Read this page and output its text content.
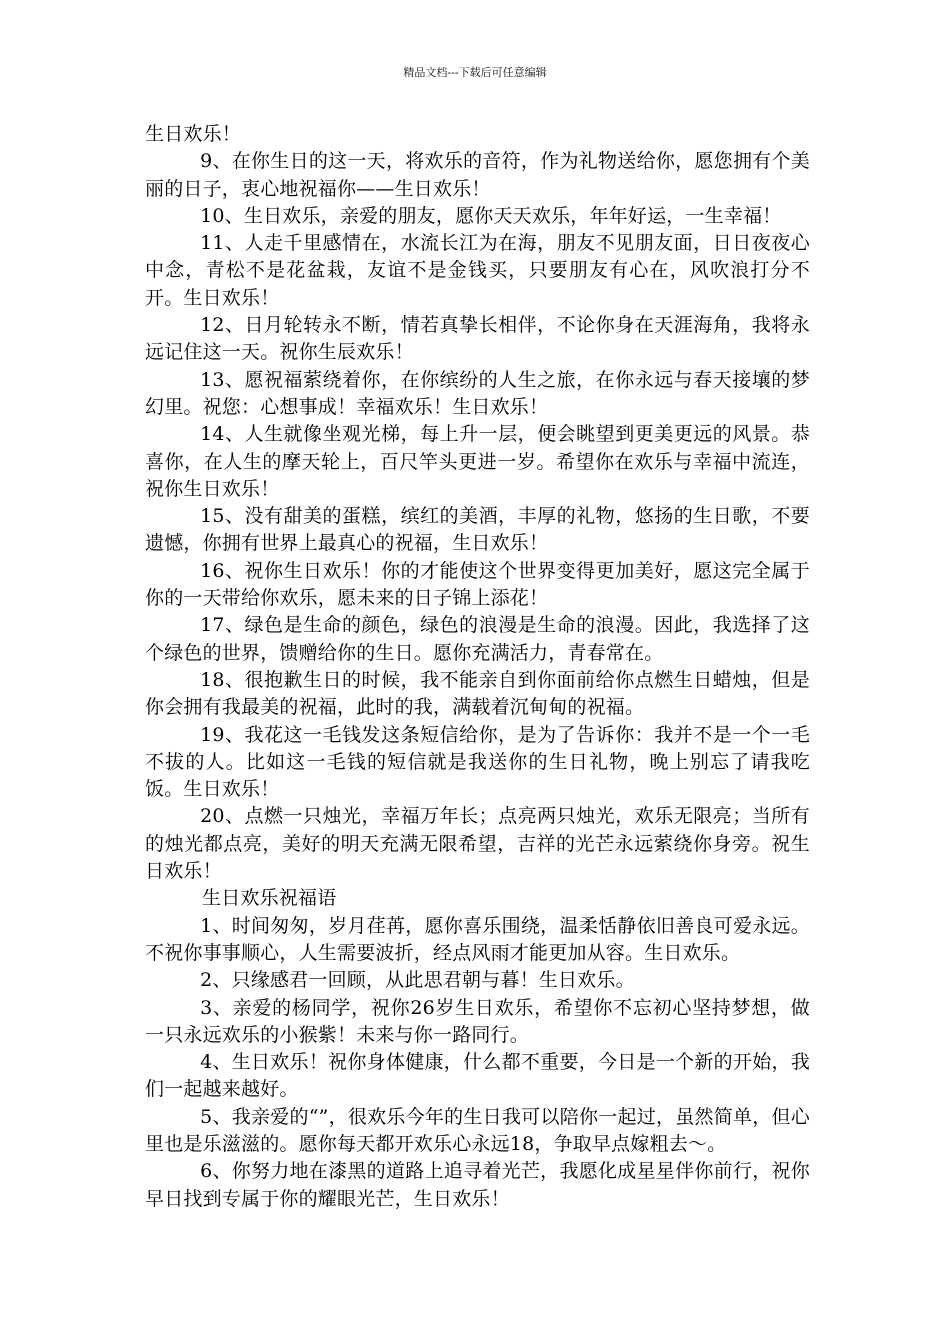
精品文档---下载后可任意编辑

生日欢乐！

9、在你生日的这一天，将欢乐的音符，作为礼物送给你，愿您拥有个美丽的日子，衷心地祝福你——生日欢乐！

10、生日欢乐，亲爱的朋友，愿你天天欢乐，年年好运，一生幸福！

11、人走千里感情在，水流长江为在海，朋友不见朋友面，日日夜夜心中念，青松不是花盆栽，友谊不是金钱买，只要朋友有心在，风吹浪打分不开。生日欢乐！

12、日月轮转永不断，情若真挚长相伴，不论你身在天涯海角，我将永远记住这一天。祝你生辰欢乐！

13、愿祝福萦绕着你，在你缤纷的人生之旅，在你永远与春天接壤的梦幻里。祝您：心想事成！幸福欢乐！生日欢乐！

14、人生就像坐观光梯，每上升一层，便会眺望到更美更远的风景。恭喜你，在人生的摩天轮上，百尺竿头更进一岁。希望你在欢乐与幸福中流连，祝你生日欢乐！

15、没有甜美的蛋糕，缤红的美酒，丰厚的礼物，悠扬的生日歌，不要遗憾，你拥有世界上最真心的祝福，生日欢乐！

16、祝你生日欢乐！你的才能使这个世界变得更加美好，愿这完全属于你的一天带给你欢乐，愿未来的日子锦上添花！

17、绿色是生命的颜色，绿色的浪漫是生命的浪漫。因此，我选择了这个绿色的世界，馈赠给你的生日。愿你充满活力，青春常在。

18、很抱歉生日的时候，我不能亲自到你面前给你点燃生日蜡烛，但是你会拥有我最美的祝福，此时的我，满载着沉甸甸的祝福。

19、我花这一毛钱发这条短信给你，是为了告诉你：我并不是一个一毛不拔的人。比如这一毛钱的短信就是我送你的生日礼物，晚上别忘了请我吃饭。生日欢乐！

20、点燃一只烛光，幸福万年长；点亮两只烛光，欢乐无限亮；当所有的烛光都点亮，美好的明天充满无限希望，吉祥的光芒永远萦绕你身旁。祝生日欢乐！

生日欢乐祝福语

1、时间匆匆，岁月荏苒，愿你喜乐围绕，温柔恬静依旧善良可爱永远。不祝你事事顺心，人生需要波折，经点风雨才能更加从容。生日欢乐。

2、只缘感君一回顾，从此思君朝与暮！生日欢乐。

3、亲爱的杨同学，祝你26岁生日欢乐，希望你不忘初心坚持梦想，做一只永远欢乐的小猴紫！未来与你一路同行。

4、生日欢乐！祝你身体健康，什么都不重要，今日是一个新的开始，我们一起越来越好。

5、我亲爱的“”，很欢乐今年的生日我可以陪你一起过，虽然简单，但心里也是乐滋滋的。愿你每天都开欢乐心永远18，争取早点嫁粗去～。

6、你努力地在漆黑的道路上追寻着光芒，我愿化成星星伴你前行，祝你早日找到专属于你的耀眼光芒，生日欢乐！
